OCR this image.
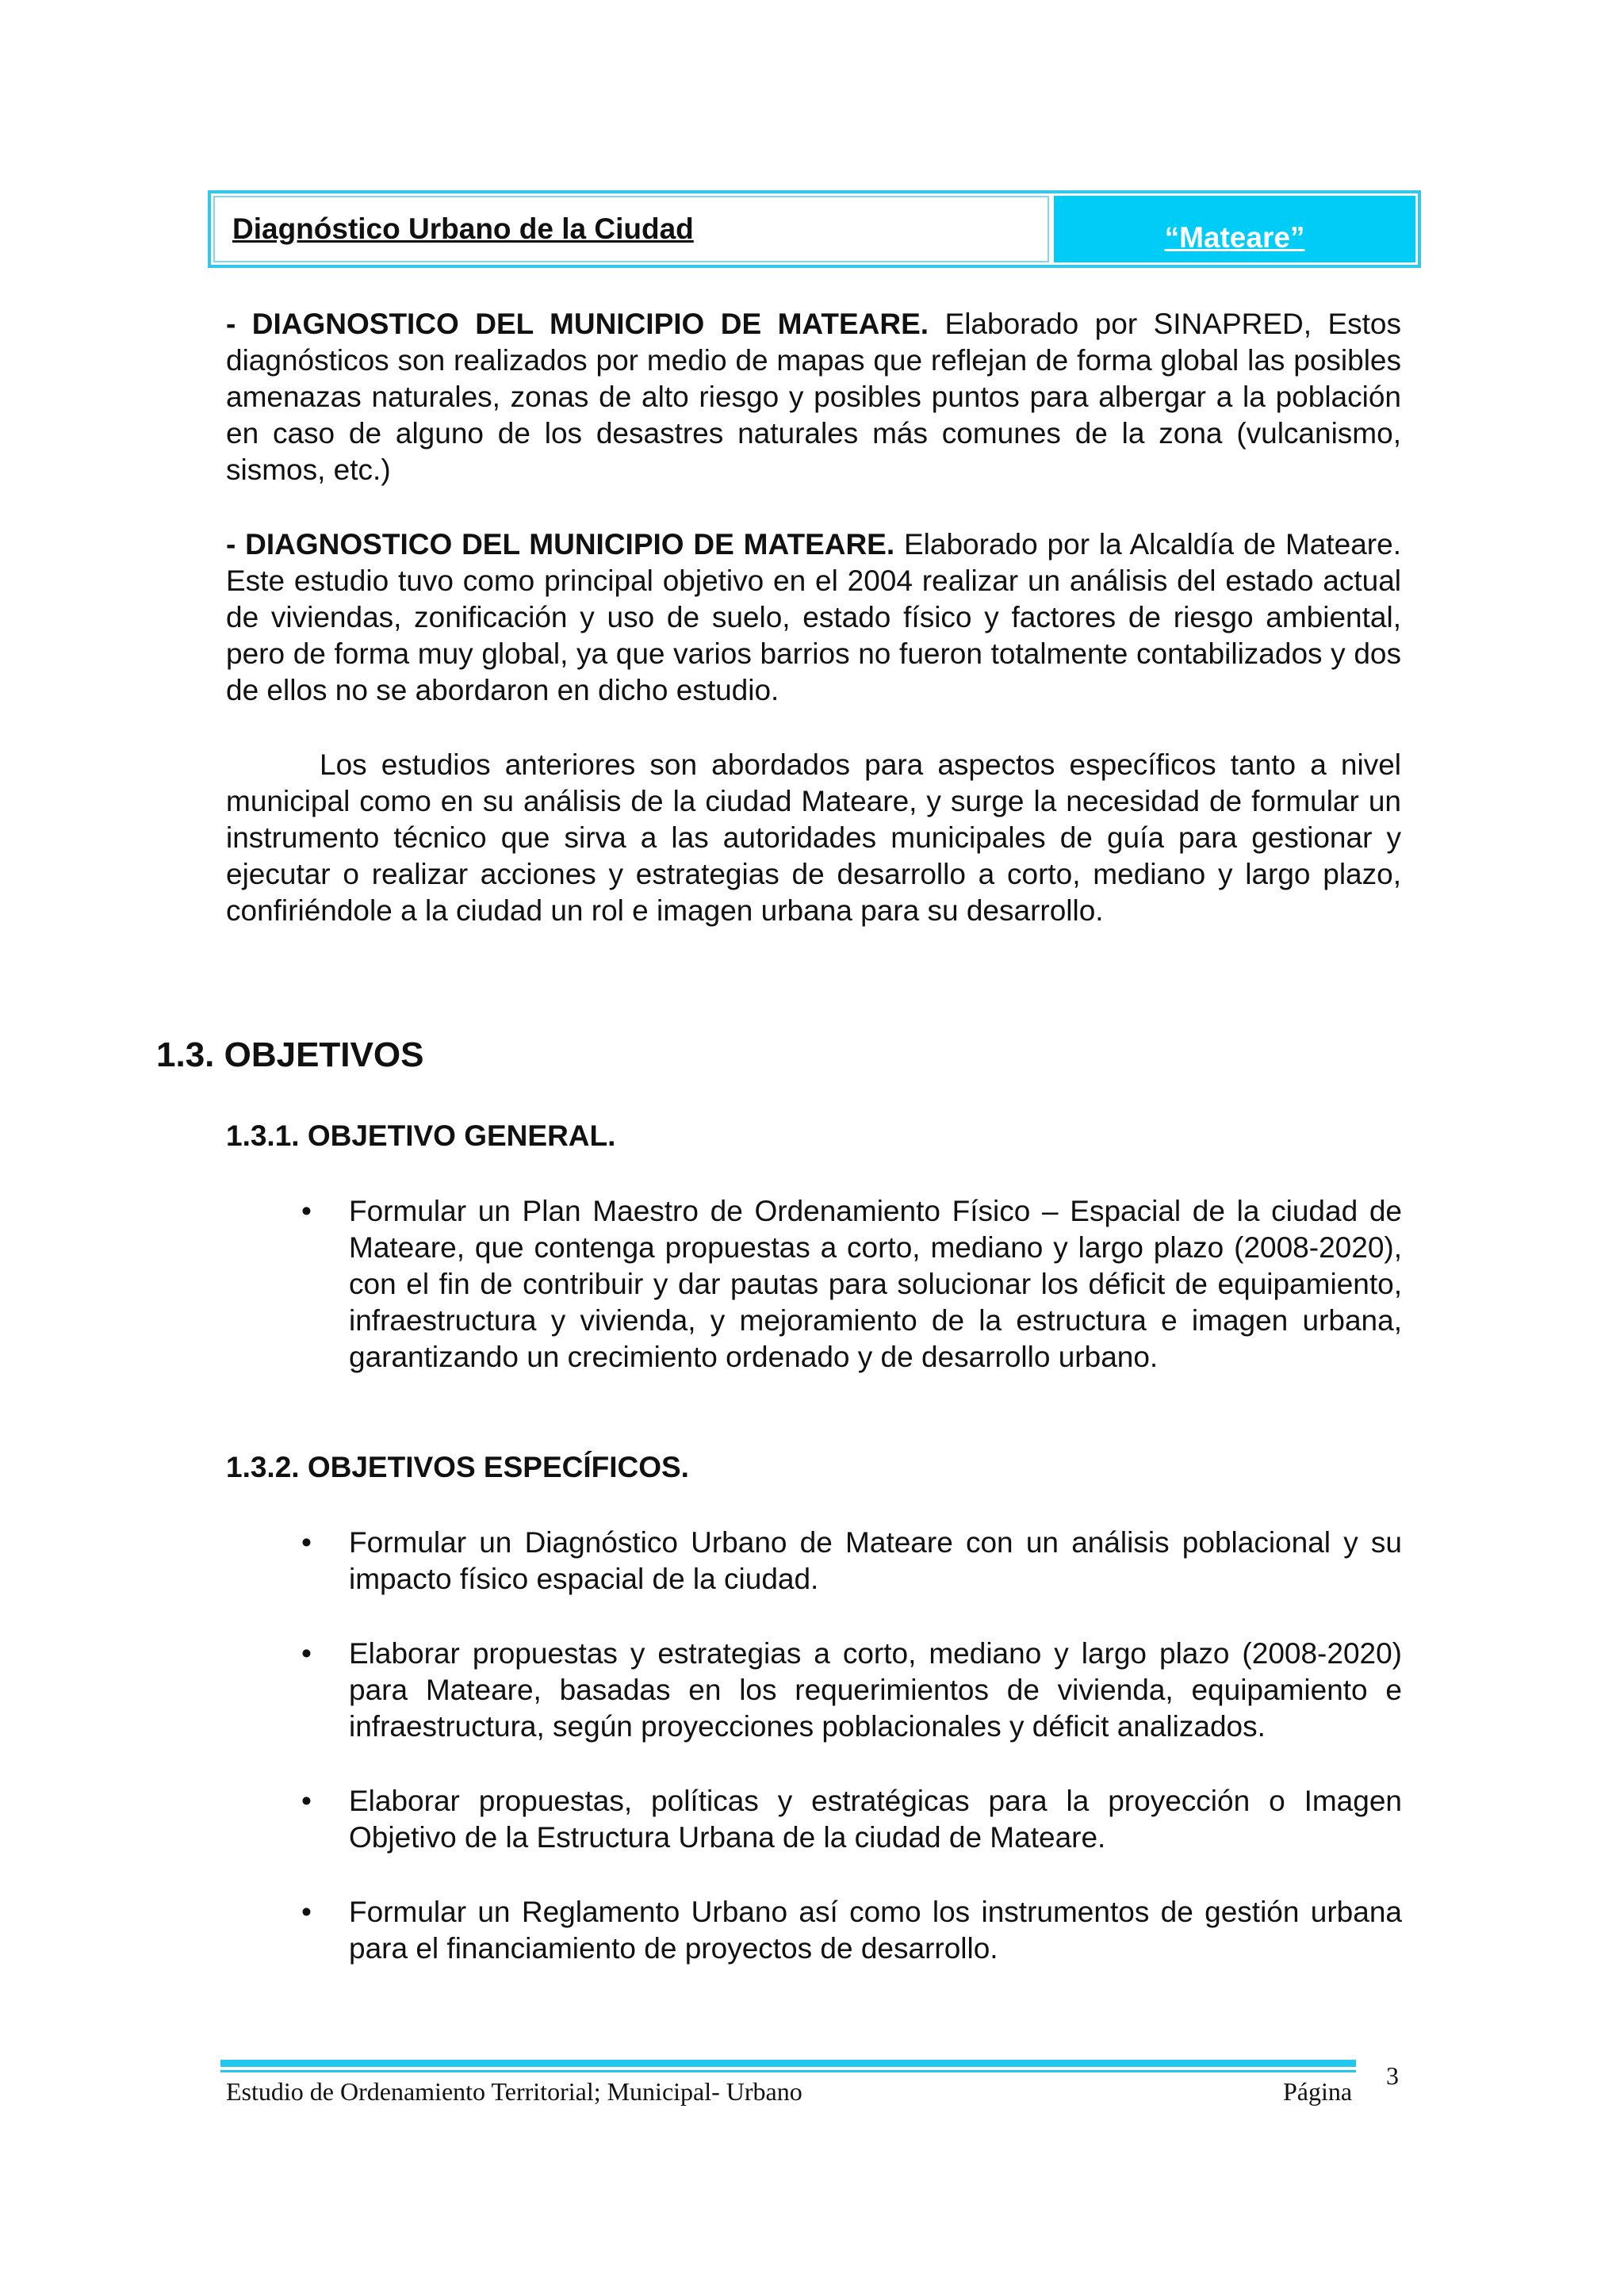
Diagnóstico Urbano de la Ciudad	“Mateare”

- DIAGNOSTICO DEL MUNICIPIO DE MATEARE. Elaborado por SINAPRED, Estos diagnósticos son realizados por medio de mapas que reflejan de forma global las posibles amenazas naturales, zonas de alto riesgo y posibles puntos para albergar a la población en caso de alguno de los desastres naturales más comunes de la zona (vulcanismo, sismos, etc.)

- DIAGNOSTICO DEL MUNICIPIO DE MATEARE. Elaborado por la Alcaldía de Mateare. Este estudio tuvo como principal objetivo en el 2004 realizar un análisis del estado actual de viviendas, zonificación y uso de suelo, estado físico y factores de riesgo ambiental, pero de forma muy global, ya que varios barrios no fueron totalmente contabilizados y dos de ellos no se abordaron en dicho estudio.

Los estudios anteriores son abordados para aspectos específicos tanto a nivel municipal como en su análisis de la ciudad Mateare, y surge la necesidad de formular un instrumento técnico que sirva a las autoridades municipales de guía para gestionar y ejecutar o realizar acciones y estrategias de desarrollo a corto, mediano y largo plazo, confiriéndole a la ciudad un rol e imagen urbana para su desarrollo.

1.3. OBJETIVOS
1.3.1. OBJETIVO GENERAL.
• Formular un Plan Maestro de Ordenamiento Físico – Espacial de la ciudad de Mateare, que contenga propuestas a corto, mediano y largo plazo (2008-2020), con el fin de contribuir y dar pautas para solucionar los déficit de equipamiento, infraestructura y vivienda, y mejoramiento de la estructura e imagen urbana, garantizando un crecimiento ordenado y de desarrollo urbano.
1.3.2. OBJETIVOS ESPECÍFICOS.
• Formular un Diagnóstico Urbano de Mateare con un análisis poblacional y su impacto físico espacial de la ciudad.
• Elaborar propuestas y estrategias a corto, mediano y largo plazo (2008-2020) para Mateare, basadas en los requerimientos de vivienda, equipamiento e infraestructura, según proyecciones poblacionales y déficit analizados.
• Elaborar propuestas, políticas y estratégicas para la proyección o Imagen Objetivo de la Estructura Urbana de la ciudad de Mateare.
• Formular un Reglamento Urbano así como los instrumentos de gestión urbana para el financiamiento de proyectos de desarrollo.
Estudio de Ordenamiento Territorial; Municipal- Urbano	Página
3
